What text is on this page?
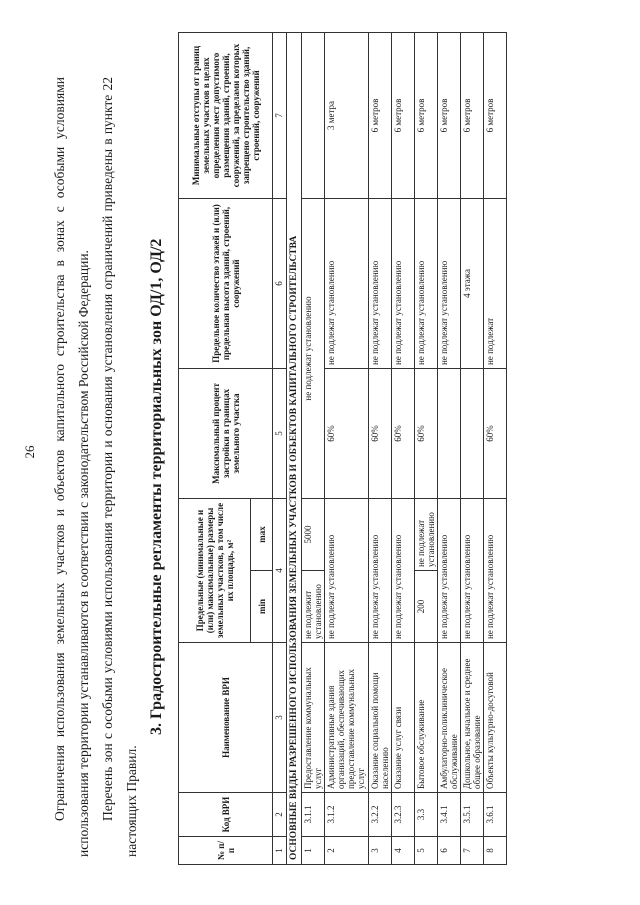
26 Ограничения использования земельных участков и объектов капитального строительства в зонах с особыми условиями использования территории устанавливаются в соответствии с законодательством Российской Федерации. Перечень зон с особыми условиями использования территории и основания установления ограничений приведены в пункте 22 настоящих Правил.

3. Градостроительные регламенты территориальных зон ОД/1, ОД/2
№ п/п	Код ВРИ	Наименование ВРИ	Предельные (минимальные и (или) максимальные) размеры земельных участков, в том числе их площадь, м²		Максимальный процент застройки в границах земельного участка	Предельное количество этажей и (или) предельная высота зданий, строений, сооружений	Минимальные отступы от границ земельных участков в целях определения мест допустимого размещения зданий, строений, сооружений, за пределами которых запрещено строительство зданий, строений, сооружений
			min	max			
1	2	3	4		5	6	7
ОСНОВНЫЕ ВИДЫ РАЗРЕШЕННОГО ИСПОЛЬЗОВАНИЯ ЗЕМЕЛЬНЫХ УЧАСТКОВ И ОБЪЕКТОВ КАПИТАЛЬНОГО СТРОИТЕЛЬСТВА							
1	3.1.1	Предоставление коммунальных услуг	не подлежит установлению	5000	не подлежат установлению		
2	3.1.2	Административные здания организаций, обеспечивающих предоставление коммунальных услуг	не подлежат установлению		60%	не подлежат установлению	3 метра
3	3.2.2	Оказание социальной помощи населению	не подлежат установлению		60%	не подлежат установлению	6 метров
4	3.2.3	Оказание услуг связи	не подлежат установлению		60%	не подлежат установлению	6 метров
5	3.3	Бытовое обслуживание	200	не подлежат установлению	60%	не подлежат установлению	6 метров
6	3.4.1	Амбулаторно-поликлиническое обслуживание	не подлежат установлению			не подлежат установлению	6 метров
7	3.5.1	Дошкольное, начальное и среднее общее образование	не подлежат установлению			4 этажа	6 метров
8	3.6.1	Объекты культурно-досуговой	не подлежат установлению		60%	не подлежат	6 метров
